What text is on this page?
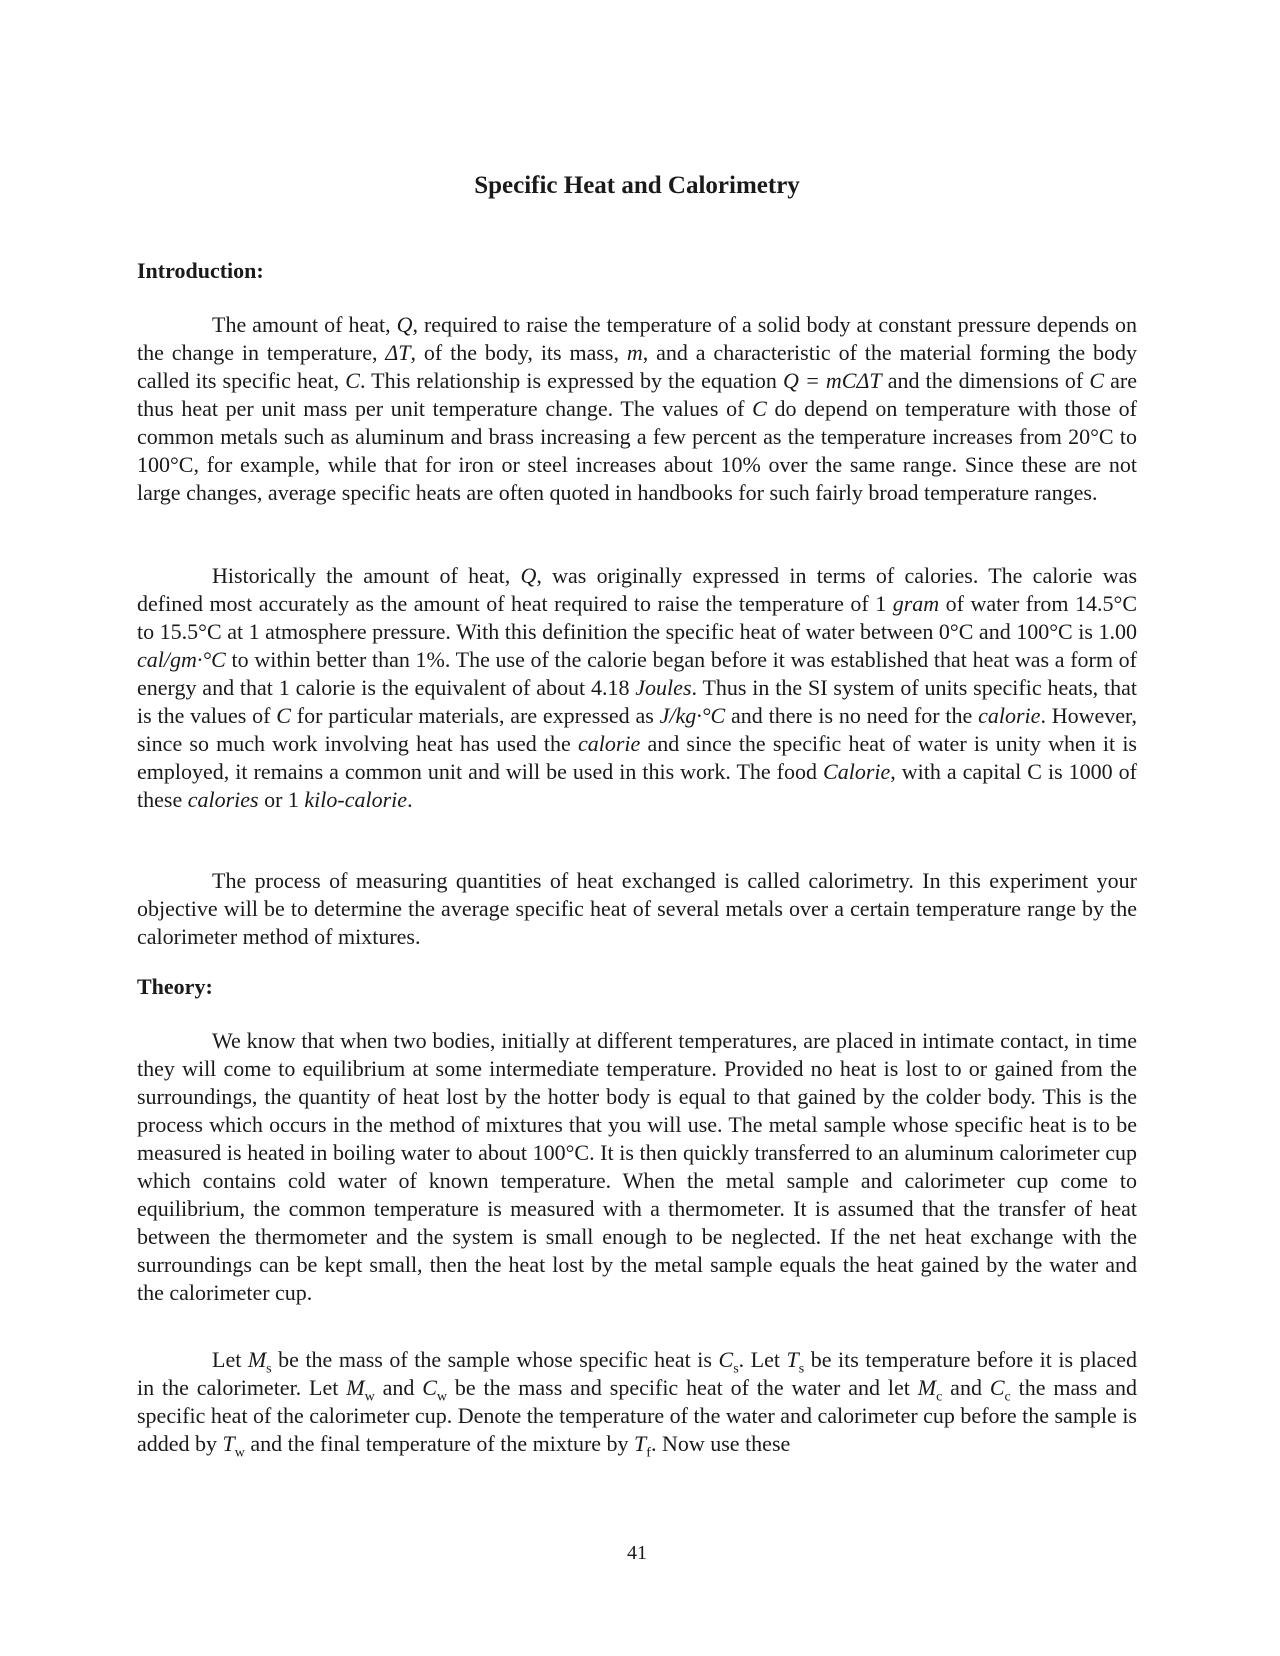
Specific Heat and Calorimetry
Introduction:

The amount of heat, Q, required to raise the temperature of a solid body at constant pressure depends on the change in temperature, ΔT, of the body, its mass, m, and a characteristic of the material forming the body called its specific heat, C. This relationship is expressed by the equation Q = mCΔT and the dimensions of C are thus heat per unit mass per unit temperature change. The values of C do depend on temperature with those of common metals such as aluminum and brass increasing a few percent as the temperature increases from 20°C to 100°C, for example, while that for iron or steel increases about 10% over the same range. Since these are not large changes, average specific heats are often quoted in handbooks for such fairly broad temperature ranges.

Historically the amount of heat, Q, was originally expressed in terms of calories. The calorie was defined most accurately as the amount of heat required to raise the temperature of 1 gram of water from 14.5°C to 15.5°C at 1 atmosphere pressure. With this definition the specific heat of water between 0°C and 100°C is 1.00 cal/gm·°C to within better than 1%. The use of the calorie began before it was established that heat was a form of energy and that 1 calorie is the equivalent of about 4.18 Joules. Thus in the SI system of units specific heats, that is the values of C for particular materials, are expressed as J/kg·°C and there is no need for the calorie. However, since so much work involving heat has used the calorie and since the specific heat of water is unity when it is employed, it remains a common unit and will be used in this work. The food Calorie, with a capital C is 1000 of these calories or 1 kilo-calorie.

The process of measuring quantities of heat exchanged is called calorimetry. In this experiment your objective will be to determine the average specific heat of several metals over a certain temperature range by the calorimeter method of mixtures.

Theory:

We know that when two bodies, initially at different temperatures, are placed in intimate contact, in time they will come to equilibrium at some intermediate temperature. Provided no heat is lost to or gained from the surroundings, the quantity of heat lost by the hotter body is equal to that gained by the colder body. This is the process which occurs in the method of mixtures that you will use. The metal sample whose specific heat is to be measured is heated in boiling water to about 100°C. It is then quickly transferred to an aluminum calorimeter cup which contains cold water of known temperature. When the metal sample and calorimeter cup come to equilibrium, the common temperature is measured with a thermometer. It is assumed that the transfer of heat between the thermometer and the system is small enough to be neglected. If the net heat exchange with the surroundings can be kept small, then the heat lost by the metal sample equals the heat gained by the water and the calorimeter cup.

Let $M_s$ be the mass of the sample whose specific heat is $C_s$. Let $T_s$ be its temperature before it is placed in the calorimeter. Let $M_w$ and $C_w$ be the mass and specific heat of the water and let $M_c$ and $C_c$ the mass and specific heat of the calorimeter cup. Denote the temperature of the water and calorimeter cup before the sample is added by $T_w$ and the final temperature of the mixture by $T_f$. Now use these

41
